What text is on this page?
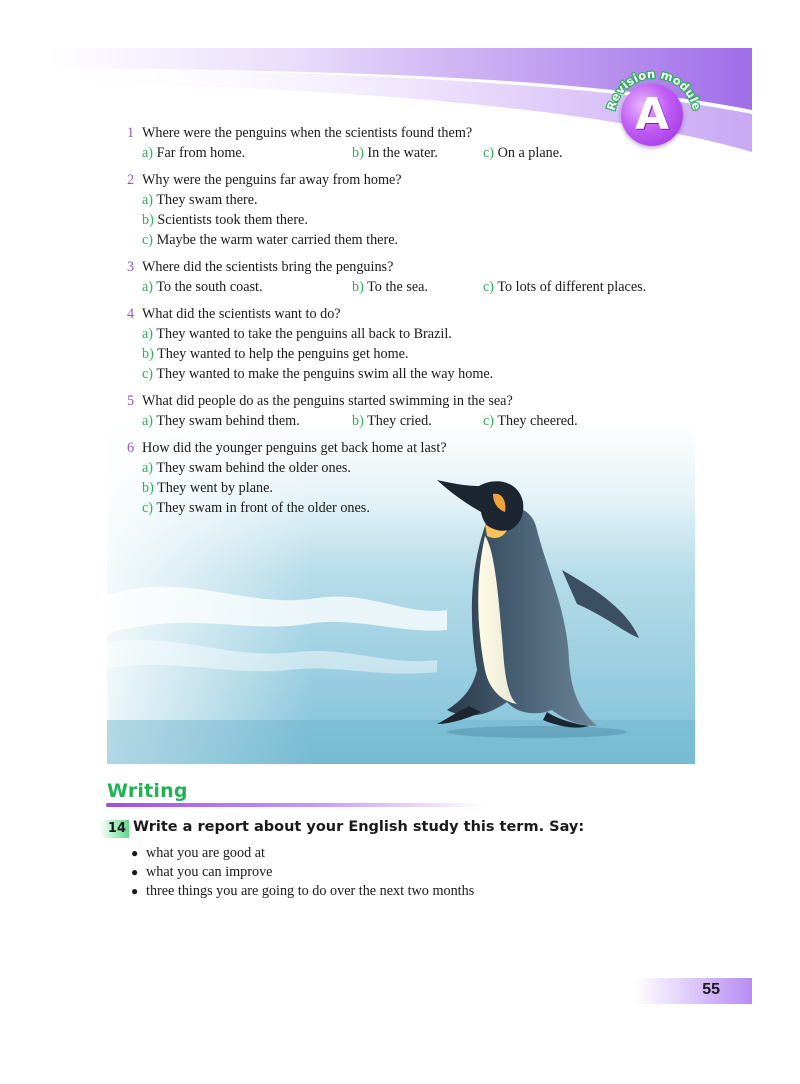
Revision module
A
1 Where were the penguins when the scientists found them?
a) Far from home.	b) In the water.	c) On a plane.
2 Why were the penguins far away from home?
a) They swam there.
b) Scientists took them there.
c) Maybe the warm water carried them there.
3 Where did the scientists bring the penguins?
a) To the south coast.	b) To the sea.	c) To lots of different places.
4 What did the scientists want to do?
a) They wanted to take the penguins all back to Brazil.
b) They wanted to help the penguins get home.
c) They wanted to make the penguins swim all the way home.
5 What did people do as the penguins started swimming in the sea?
a) They swam behind them.	b) They cried.	c) They cheered.
6 How did the younger penguins get back home at last?
a) They swam behind the older ones.
b) They went by plane.
c) They swam in front of the older ones.
Writing
14 Write a report about your English study this term. Say:
● what you are good at
● what you can improve
● three things you are going to do over the next two months
55
